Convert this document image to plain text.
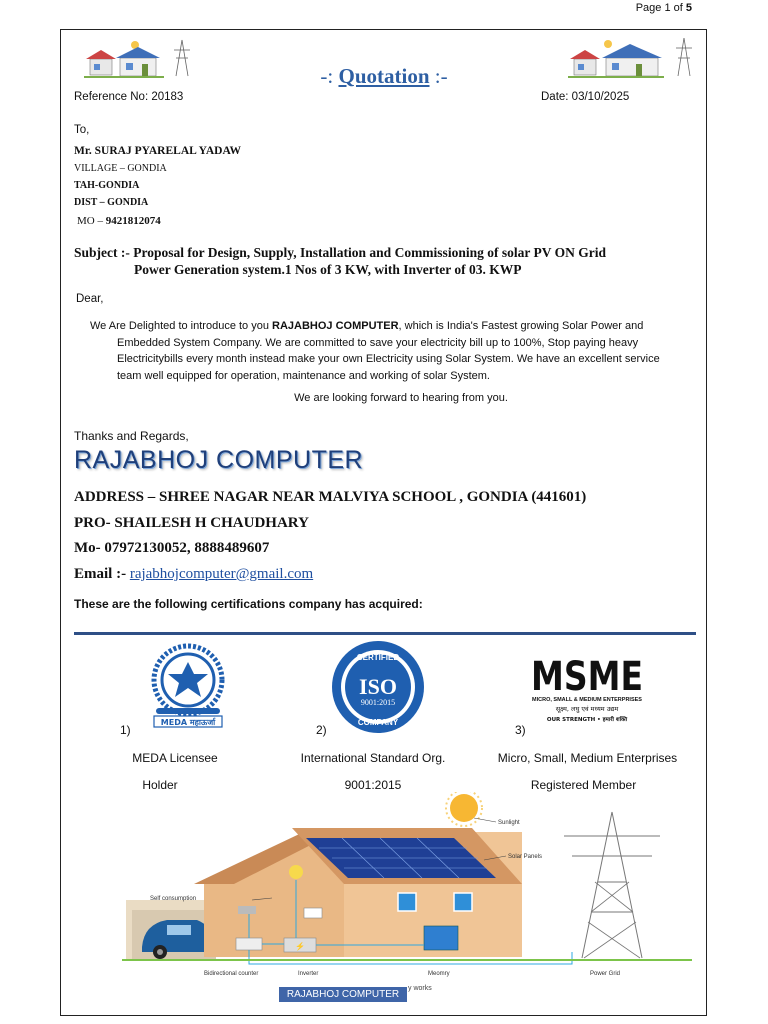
Page 1 of 5
-: Quotation :-
Reference No: 20183	Date: 03/10/2025
To,
Mr. SURAJ PYARELAL YADAW
VILLAGE – GONDIA
TAH-GONDIA
DIST – GONDIA
MO – 9421812074
Subject :- Proposal for Design, Supply, Installation and Commissioning of solar PV ON Grid
Power Generation system.1 Nos of 3 KW, with Inverter of 03. KWP
Dear,
We Are Delighted to introduce to you RAJABHOJ COMPUTER, which is India's Fastest growing Solar Power and
Embedded System Company. We are committed to save your electricity bill up to 100%, Stop paying heavy
Electricitybills every month instead make your own Electricity using Solar System. We have an excellent service
team well equipped for operation, maintenance and working of solar System.
We are looking forward to hearing from you.
Thanks and Regards,
RAJABHOJ COMPUTER
ADDRESS – SHREE NAGAR NEAR MALVIYA SCHOOL , GONDIA (441601)
PRO- SHAILESH H CHAUDHARY
Mo- 07972130052, 8888489607
Email :- rajabhojcomputer@gmail.com
These are the following certifications company has acquired:
MEDA महाऊर्जा
CERTIFIED
ISO
9001:2015
COMPANY
MSME
MICRO, SMALL & MEDIUM ENTERPRISES
सूक्ष्म, लघु एवं मध्यम उद्यम
OUR STRENGTH • हमारी शक्ति
1)	2)	3)
MEDA Licensee
Holder
International Standard Org.
9001:2015
Micro, Small, Medium Enterprises
Registered Member
Sunlight
Solar Panels
Self consumption
⚡
Bidirectional counter	Inverter	Meomry	Power Grid
y works
RAJABHOJ COMPUTER
